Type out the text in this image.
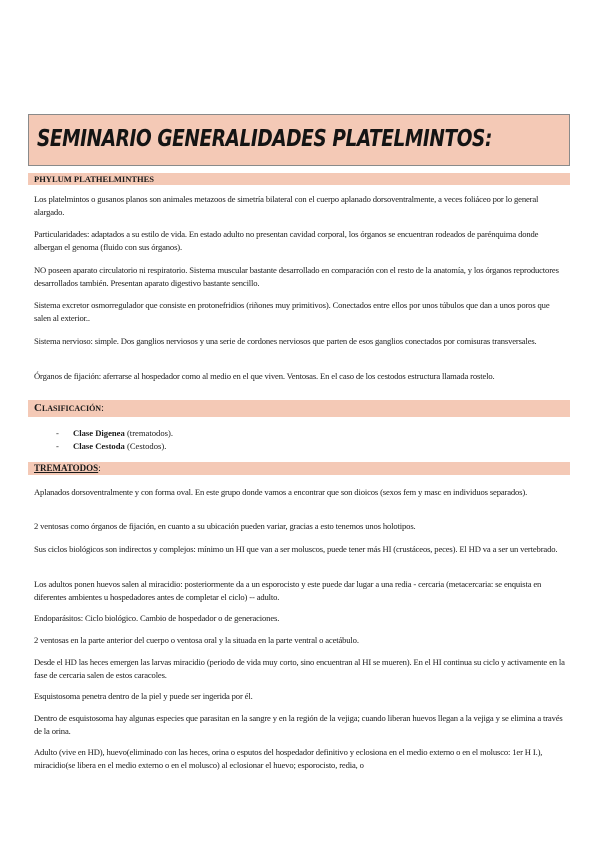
SEMINARIO GENERALIDADES PLATELMINTOS:
PHYLUM PLATHELMINTHES

Los platelmintos o gusanos planos son animales metazoos de simetría bilateral con el cuerpo aplanado dorsoventralmente, a veces foliáceo por lo general alargado.

Particularidades: adaptados a su estilo de vida. En estado adulto no presentan cavidad corporal, los órganos se encuentran rodeados de parénquima donde albergan el genoma (fluido con sus órganos).

NO poseen aparato circulatorio ni respiratorio. Sistema muscular bastante desarrollado en comparación con el resto de la anatomía, y los órganos reproductores desarrollados también. Presentan aparato digestivo bastante sencillo.

Sistema excretor osmorregulador que consiste en protonefridios (riñones muy primitivos). Conectados entre ellos por unos túbulos que dan a unos poros que salen al exterior..

Sistema nervioso: simple. Dos ganglios nerviosos y una serie de cordones nerviosos que parten de esos ganglios conectados por comisuras transversales.

Órganos de fijación: aferrarse al hospedador como al medio en el que viven. Ventosas. En el caso de los cestodos estructura llamada rostelo.

Clasificación:
- Clase Digenea (trematodos).
- Clase Cestoda (Cestodos).
TREMATODOS:

Aplanados dorsoventralmente y con forma oval. En este grupo donde vamos a encontrar que son dioicos (sexos fem y masc en individuos separados).

2 ventosas como órganos de fijación, en cuanto a su ubicación pueden variar, gracias a esto tenemos unos holotipos.

Sus ciclos biológicos son indirectos y complejos: mínimo un HI que van a ser moluscos, puede tener más HI (crustáceos, peces). El HD va a ser un vertebrado.

Los adultos ponen huevos salen al miracidio: posteriormente da a un esporocisto y este puede dar lugar a una redia - cercaria (metacercaria: se enquista en diferentes ambientes u hospedadores antes de completar el ciclo) -- adulto.

Endoparásitos: Ciclo biológico. Cambio de hospedador o de generaciones.

2 ventosas en la parte anterior del cuerpo o ventosa oral y la situada en la parte ventral o acetábulo.

Desde el HD las heces emergen las larvas miracidio (periodo de vida muy corto, sino encuentran al HI se mueren). En el HI continua su ciclo y activamente en la fase de cercaria salen de estos caracoles.

Esquistosoma penetra dentro de la piel y puede ser ingerida por él.

Dentro de esquistosoma hay algunas especies que parasitan en la sangre y en la región de la vejiga; cuando liberan huevos llegan a la vejiga y se elimina a través de la orina.

Adulto (vive en HD), huevo(eliminado con las heces, orina o esputos del hospedador definitivo y eclosiona en el medio externo o en el molusco: 1er H I.), miracidio(se libera en el medio externo o en el molusco) al eclosionar el huevo; esporocisto, redia, o
